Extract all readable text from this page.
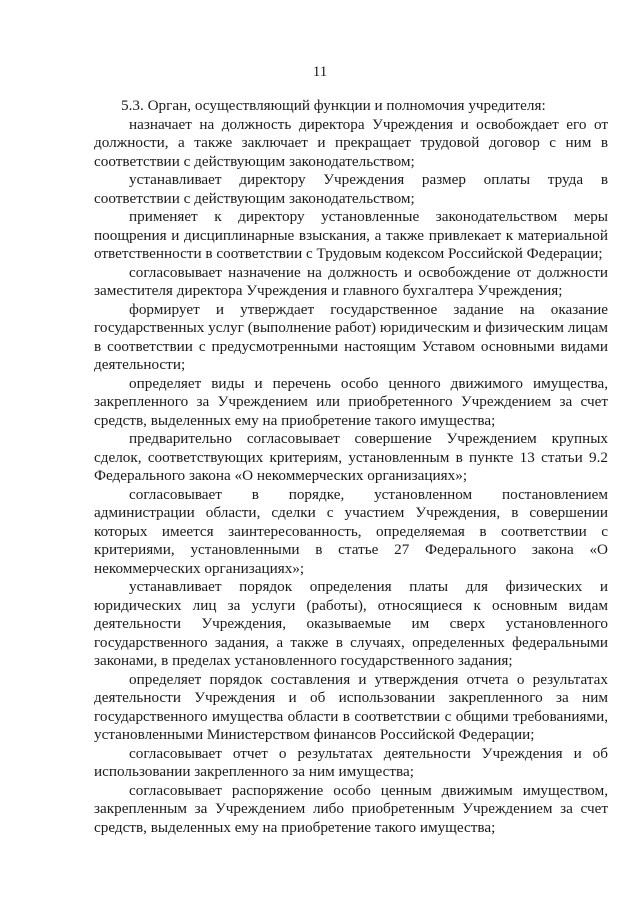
11

5.3. Орган, осуществляющий функции и полномочия учредителя:

назначает на должность директора Учреждения и освобождает его от должности, а также заключает и прекращает трудовой договор с ним в соответствии с действующим законодательством;

устанавливает директору Учреждения размер оплаты труда в соответствии с действующим законодательством;

применяет к директору установленные законодательством меры поощрения и дисциплинарные взыскания, а также привлекает к материальной ответственности в соответствии с Трудовым кодексом Российской Федерации;

согласовывает назначение на должность и освобождение от должности заместителя директора Учреждения и главного бухгалтера Учреждения;

формирует и утверждает государственное задание на оказание государственных услуг (выполнение работ) юридическим и физическим лицам в соответствии с предусмотренными настоящим Уставом основными видами деятельности;

определяет виды и перечень особо ценного движимого имущества, закрепленного за Учреждением или приобретенного Учреждением за счет средств, выделенных ему на приобретение такого имущества;

предварительно согласовывает совершение Учреждением крупных сделок, соответствующих критериям, установленным в пункте 13 статьи 9.2 Федерального закона «О некоммерческих организациях»;

согласовывает в порядке, установленном постановлением администрации области, сделки с участием Учреждения, в совершении которых имеется заинтересованность, определяемая в соответствии с критериями, установленными в статье 27 Федерального закона «О некоммерческих организациях»;

устанавливает порядок определения платы для физических и юридических лиц за услуги (работы), относящиеся к основным видам деятельности Учреждения, оказываемые им сверх установленного государственного задания, а также в случаях, определенных федеральными законами, в пределах установленного государственного задания;

определяет порядок составления и утверждения отчета о результатах деятельности Учреждения и об использовании закрепленного за ним государственного имущества области в соответствии с общими требованиями, установленными Министерством финансов Российской Федерации;

согласовывает отчет о результатах деятельности Учреждения и об использовании закрепленного за ним имущества;

согласовывает распоряжение особо ценным движимым имуществом, закрепленным за Учреждением либо приобретенным Учреждением за счет средств, выделенных ему на приобретение такого имущества;
